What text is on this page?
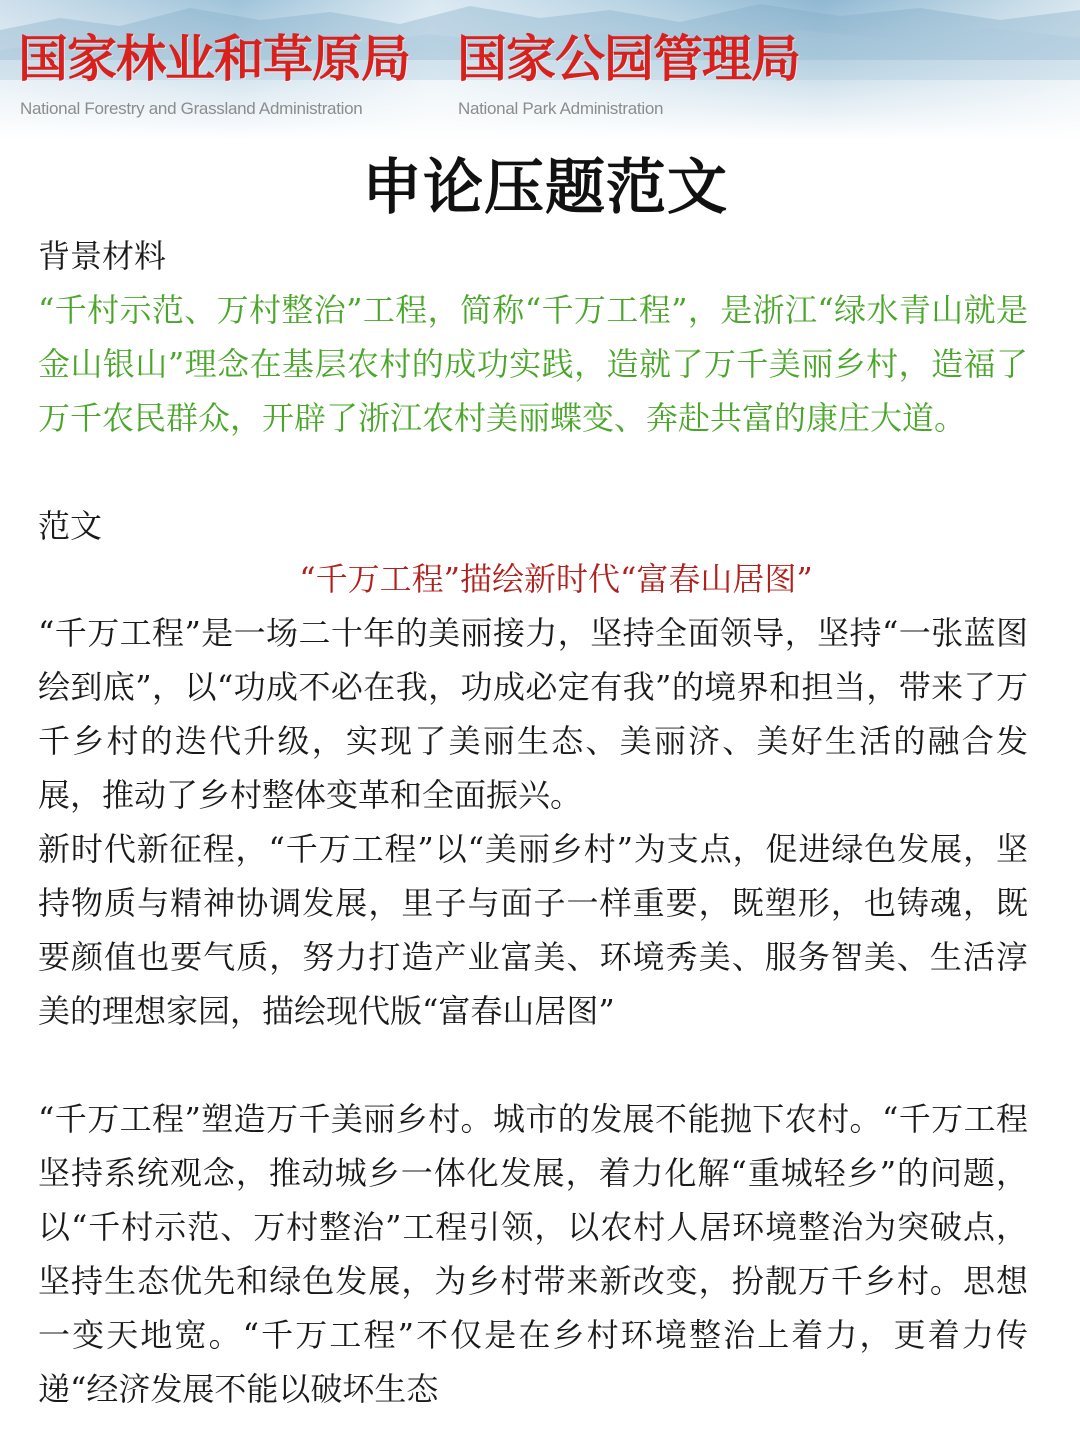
国家林业和草原局 国家公园管理局
National Forestry and Grassland Administration	National Park Administration
申论压题范文
背景材料
“千村示范、万村整治”工程，简称“千万工程”，是浙江“绿水青山就是金山银山”理念在基层农村的成功实践，造就了万千美丽乡村，造福了万千农民群众，开辟了浙江农村美丽蝶变、奔赴共富的康庄大道。
范文
“千万工程”描绘新时代“富春山居图”
“千万工程”是一场二十年的美丽接力，坚持全面领导，坚持“一张蓝图绘到底”，以“功成不必在我，功成必定有我”的境界和担当，带来了万千乡村的迭代升级，实现了美丽生态、美丽济、美好生活的融合发展，推动了乡村整体变革和全面振兴。
新时代新征程，“千万工程”以“美丽乡村”为支点，促进绿色发展，坚持物质与精神协调发展，里子与面子一样重要，既塑形，也铸魂，既要颜值也要气质，努力打造产业富美、环境秀美、服务智美、生活淳美的理想家园，描绘现代版“富春山居图”
“千万工程”塑造万千美丽乡村。城市的发展不能抛下农村。“千万工程坚持系统观念，推动城乡一体化发展，着力化解“重城轻乡”的问题，以“千村示范、万村整治”工程引领，以农村人居环境整治为突破点，坚持生态优先和绿色发展，为乡村带来新改变，扮靓万千乡村。思想一变天地宽。“千万工程”不仅是在乡村环境整治上着力，更着力传递“经济发展不能以破坏生态
